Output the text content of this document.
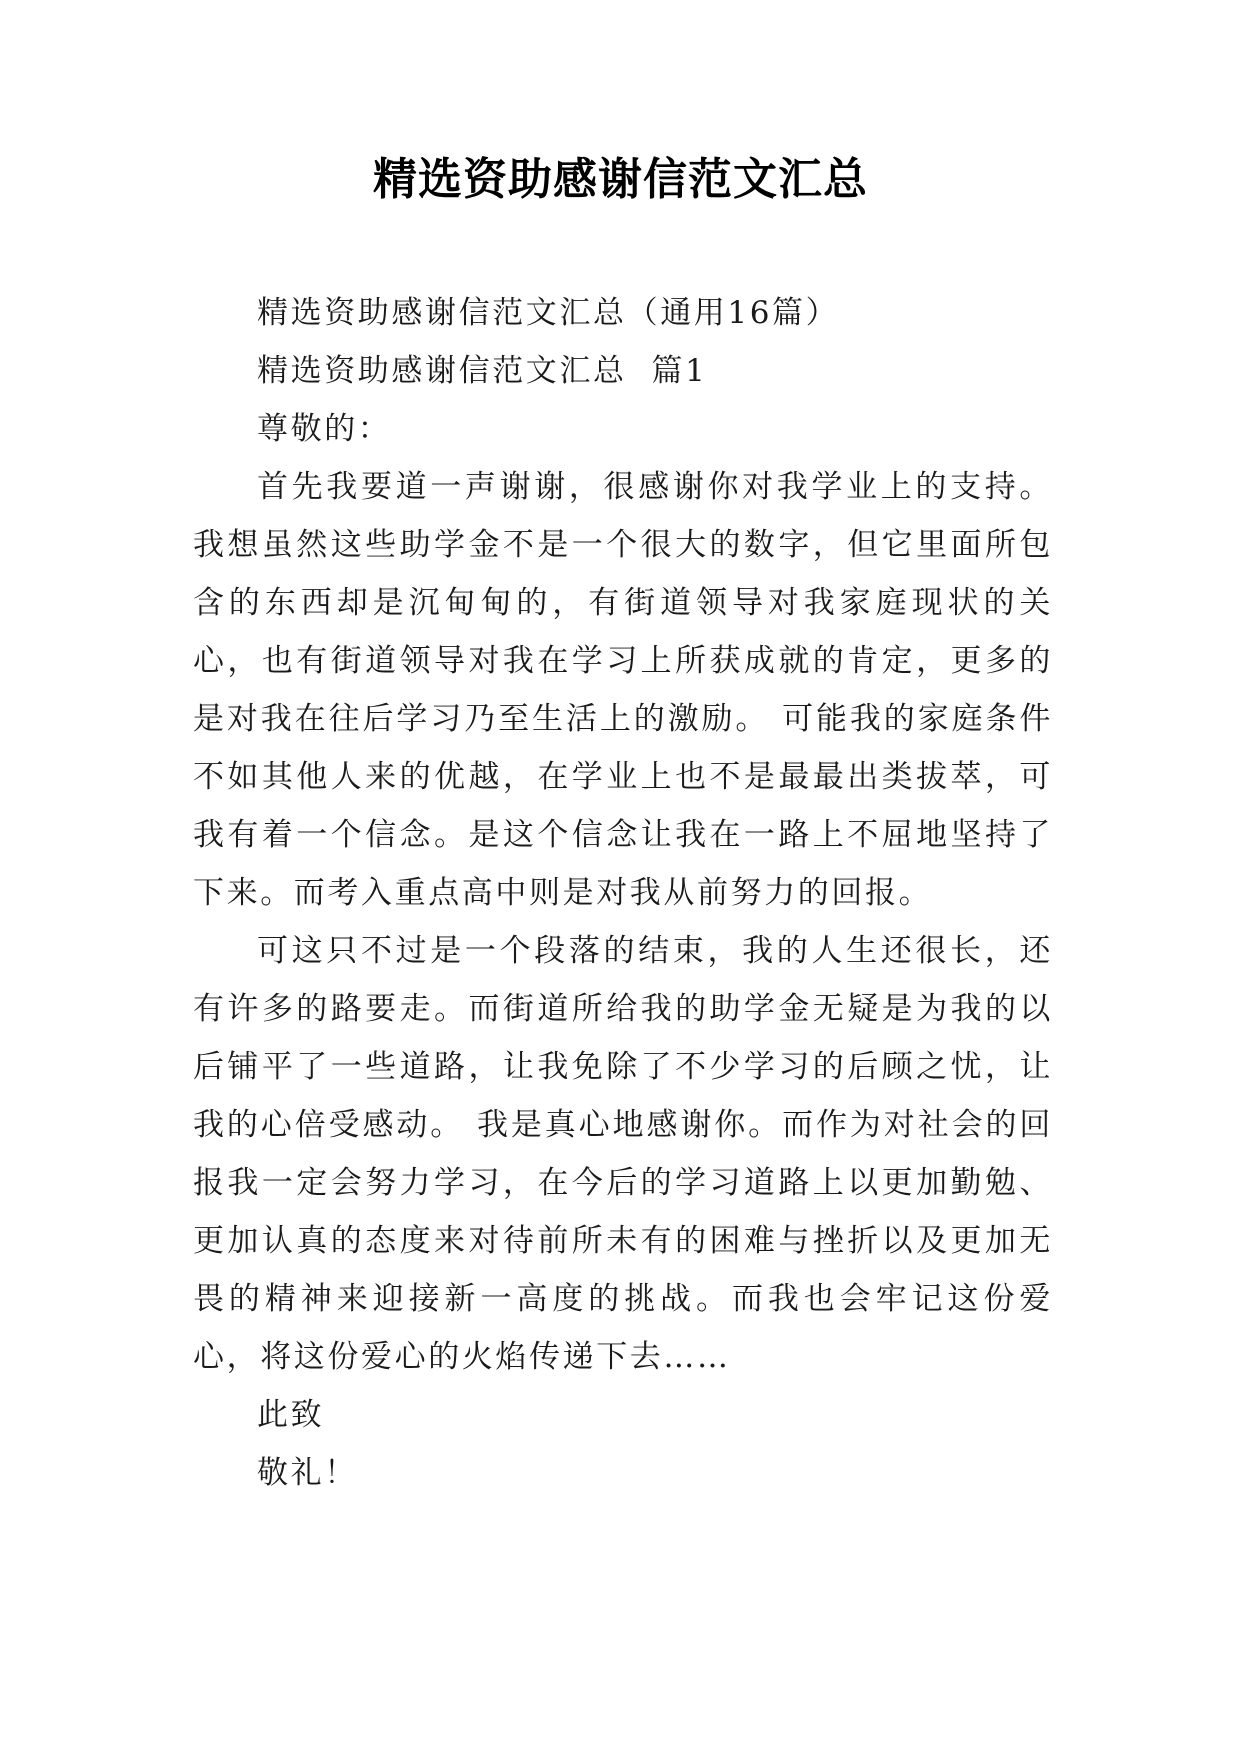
精选资助感谢信范文汇总

精选资助感谢信范文汇总（通用16篇）

精选资助感谢信范文汇总  篇1

尊敬的：

首先我要道一声谢谢，很感谢你对我学业上的支持。我想虽然这些助学金不是一个很大的数字，但它里面所包含的东西却是沉甸甸的，有街道领导对我家庭现状的关心，也有街道领导对我在学习上所获成就的肯定，更多的是对我在往后学习乃至生活上的激励。 可能我的家庭条件不如其他人来的优越，在学业上也不是最最出类拔萃，可我有着一个信念。是这个信念让我在一路上不屈地坚持了下来。而考入重点高中则是对我从前努力的回报。

可这只不过是一个段落的结束，我的人生还很长，还有许多的路要走。而街道所给我的助学金无疑是为我的以后铺平了一些道路，让我免除了不少学习的后顾之忧，让我的心倍受感动。 我是真心地感谢你。而作为对社会的回报我一定会努力学习，在今后的学习道路上以更加勤勉、更加认真的态度来对待前所未有的困难与挫折以及更加无畏的精神来迎接新一高度的挑战。而我也会牢记这份爱心，将这份爱心的火焰传递下去……

此致

敬礼！
